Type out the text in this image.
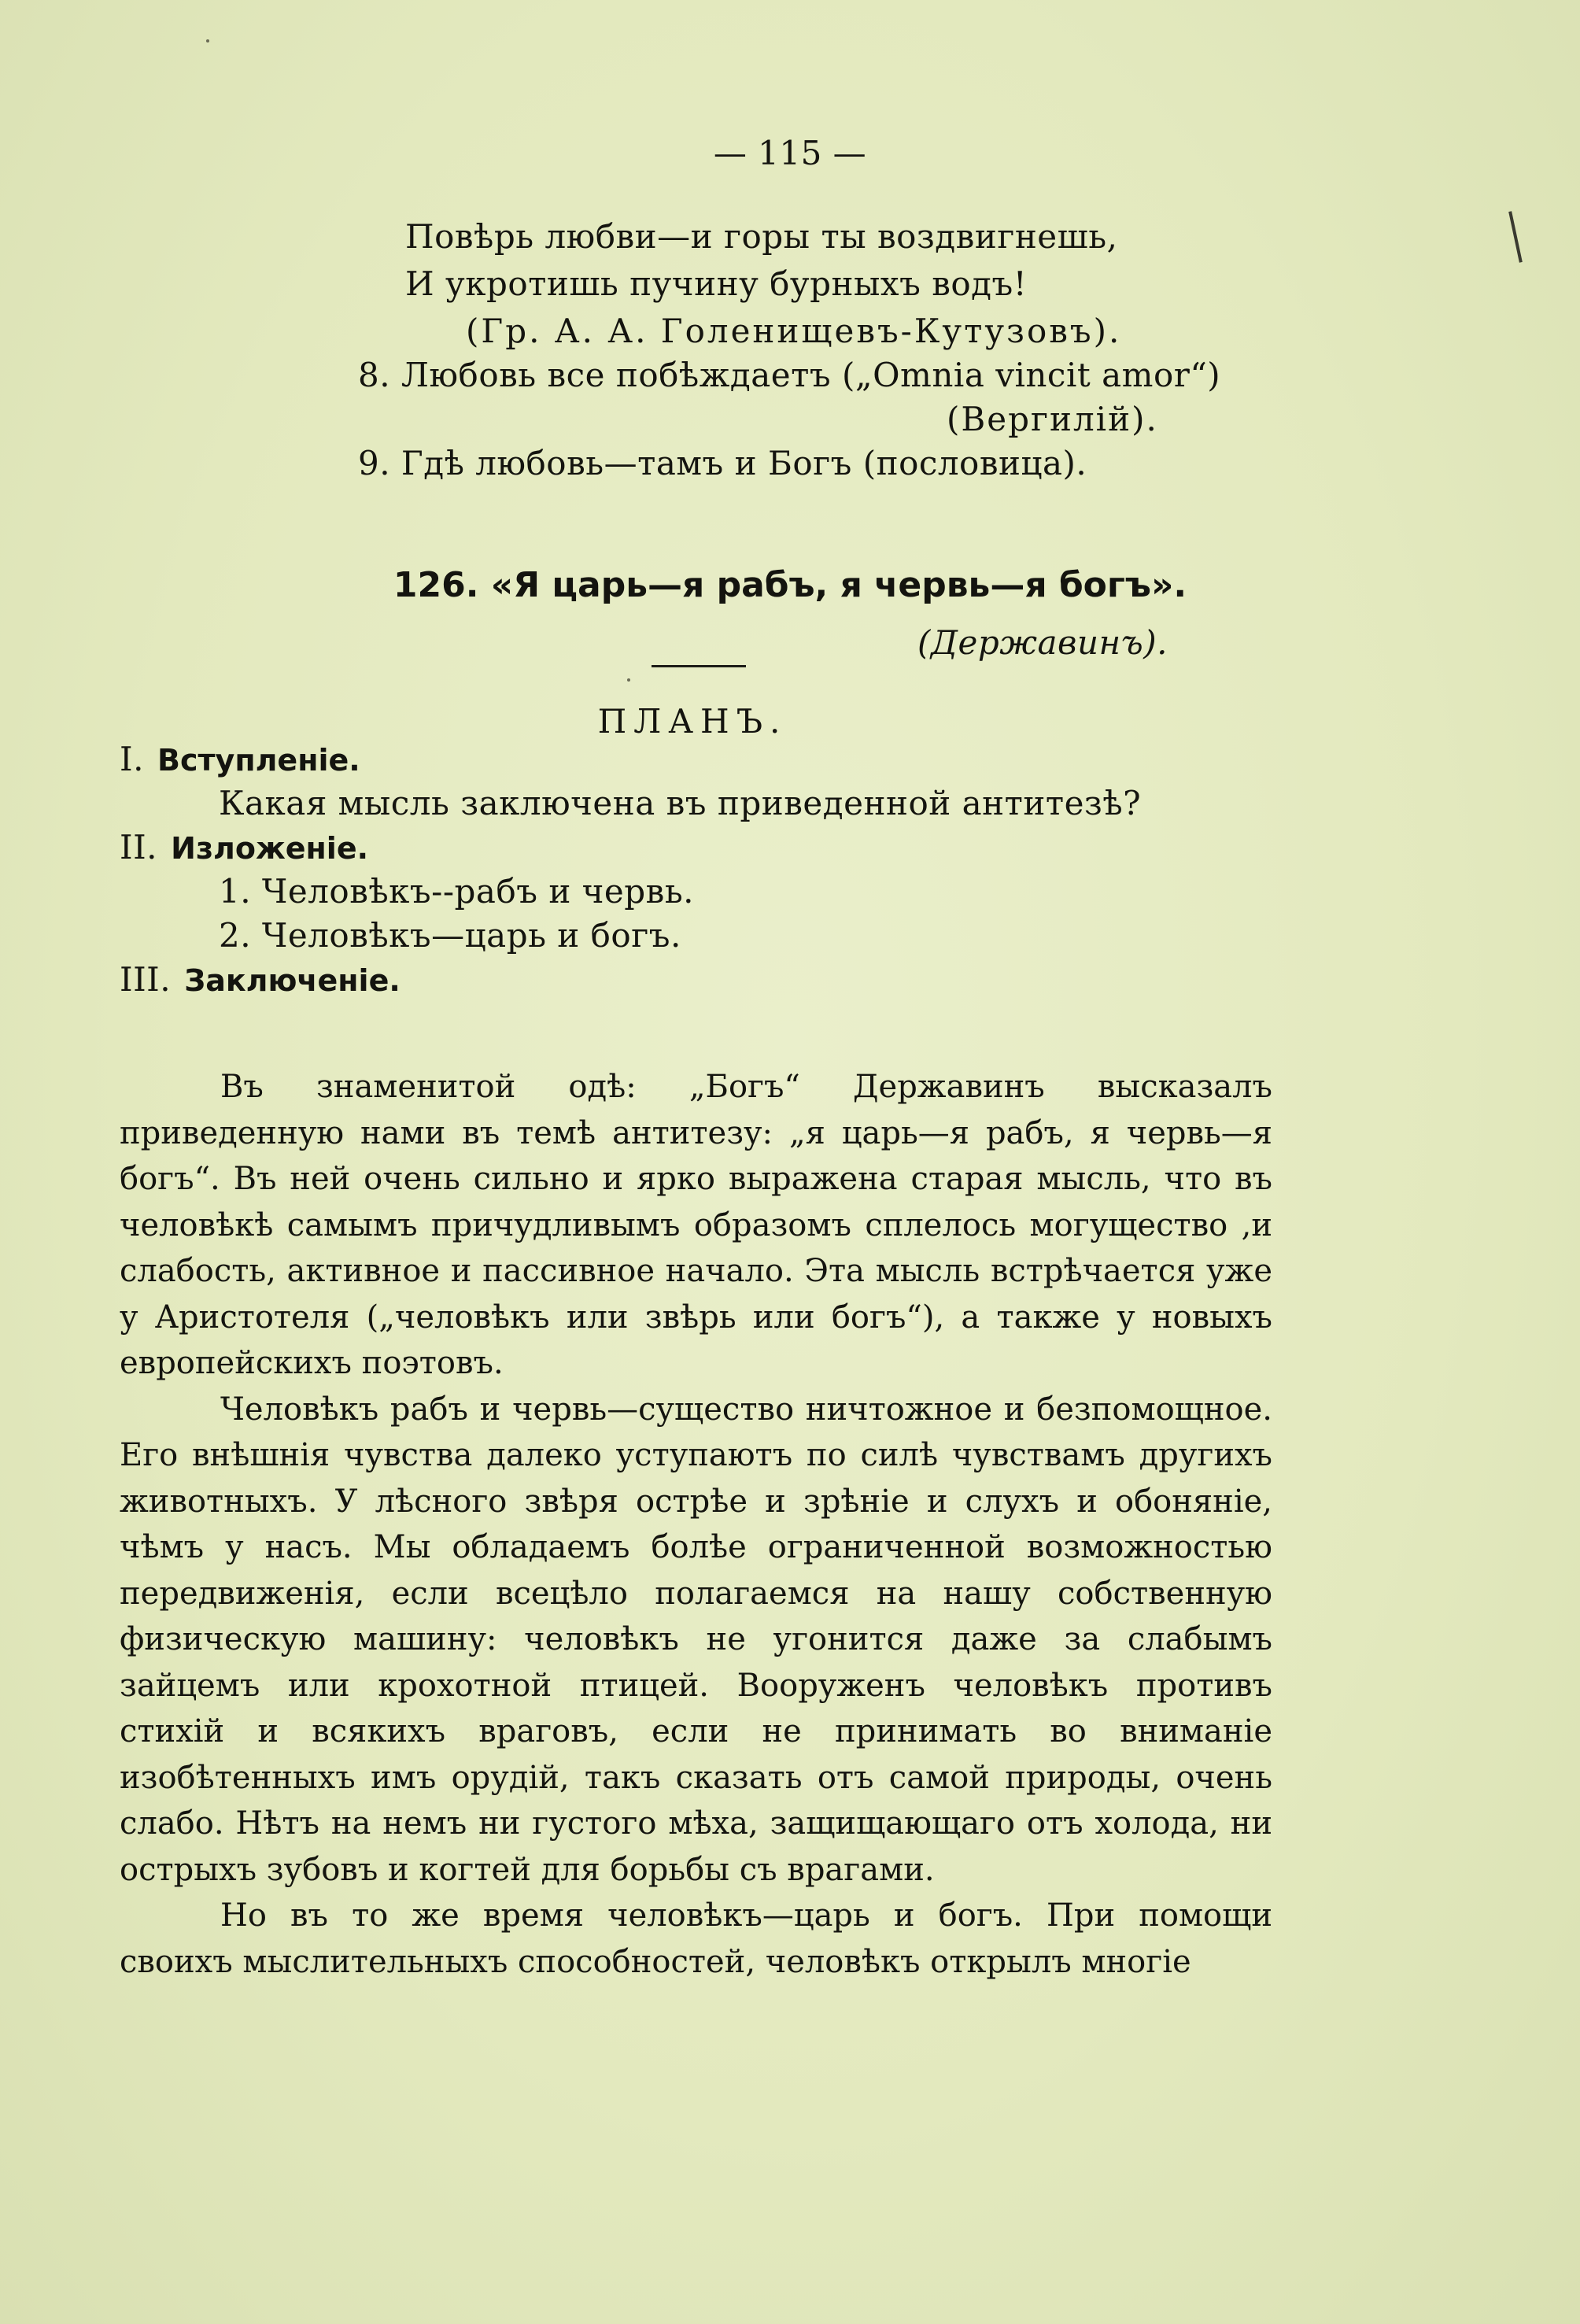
— 115 —
Повѣрь любви—и горы ты воздвигнешь,
И укротишь пучину бурныхъ водъ!
(Гр. А. А. Голенищевъ-Кутузовъ).
8. Любовь все побѣждаетъ („Omnia vincit amor“)
(Вергилій).
9. Гдѣ любовь—тамъ и Богъ (пословица).
126. «Я царь—я рабъ, я червь—я богъ».
(Державинъ).
ПЛАНЪ.
I. Вступленіе.
Какая мысль заключена въ приведенной антитезѣ?
II. Изложеніе.
1. Человѣкъ--рабъ и червь.
2. Человѣкъ—царь и богъ.
III. Заключеніе.

Въ знаменитой одѣ: „Богъ“ Державинъ высказалъ приведенную нами въ темѣ антитезу: „я царь—я рабъ, я червь—я богъ“. Въ ней очень сильно и ярко выражена старая мысль, что въ человѣкѣ самымъ причудливымъ образомъ сплелось могущество ,и слабость, активное и пассивное начало. Эта мысль встрѣчается уже у Аристотеля („человѣкъ или звѣрь или богъ“), а также у новыхъ европейскихъ поэтовъ.

Человѣкъ рабъ и червь—существо ничтожное и безпомощное. Его внѣшнія чувства далеко уступаютъ по силѣ чувствамъ другихъ животныхъ. У лѣсного звѣря острѣе и зрѣніе и слухъ и обоняніе, чѣмъ у насъ. Мы обладаемъ болѣе ограниченной возможностью передвиженія, если всецѣло полагаемся на нашу собственную физическую машину: человѣкъ не угонится даже за слабымъ зайцемъ или крохотной птицей. Вооруженъ человѣкъ противъ стихій и всякихъ враговъ, если не принимать во вниманіе изобѣтенныхъ имъ орудій, такъ сказать отъ самой природы, очень слабо. Нѣтъ на немъ ни густого мѣха, защищающаго отъ холода, ни острыхъ зубовъ и когтей для борьбы съ врагами.

Но въ то же время человѣкъ—царь и богъ. При помощи своихъ мыслительныхъ способностей, человѣкъ открылъ многіе
